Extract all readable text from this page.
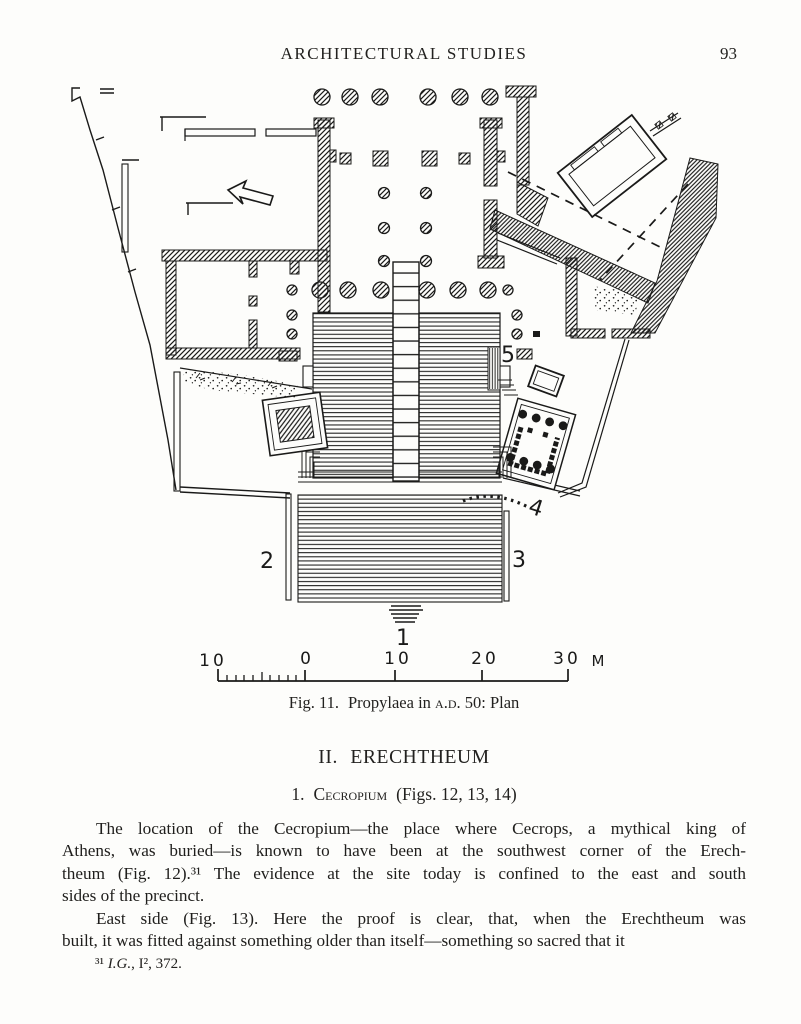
ARCHITECTURAL STUDIES	93
1
2	3
4
5
10	0	10	20	30 M
Fig. 11. Propylaea in a.d. 50: Plan
II. ERECHTHEUM
1. Cecropium (Figs. 12, 13, 14)
The location of the Cecropium—the place where Cecrops, a mythical king of
Athens, was buried—is known to have been at the southwest corner of the Erech-
theum (Fig. 12).³¹ The evidence at the site today is confined to the east and south
sides of the precinct.
East side (Fig. 13). Here the proof is clear, that, when the Erechtheum was
built, it was fitted against something older than itself—something so sacred that it
³¹ I.G., I², 372.
